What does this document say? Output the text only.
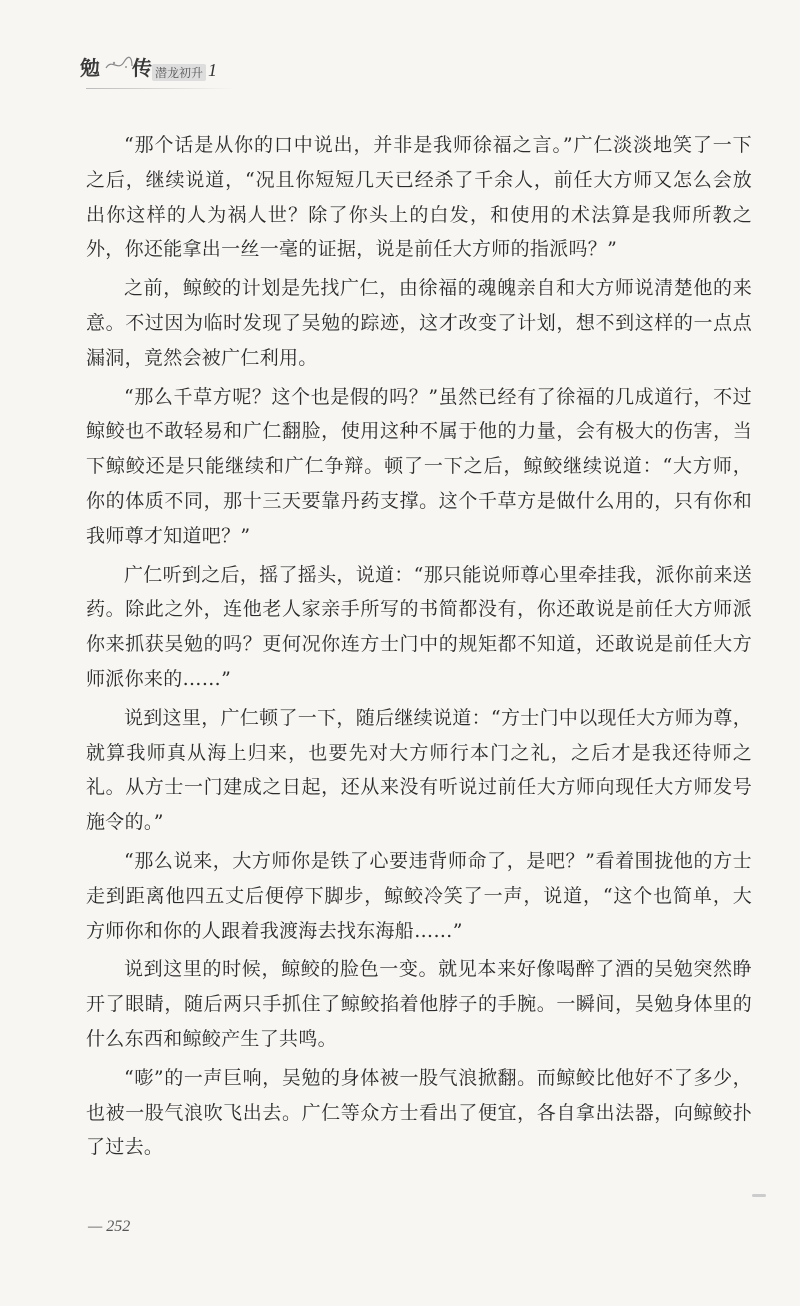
勉 传 潜龙初升 1

“那个话是从你的口中说出，并非是我师徐福之言。”广仁淡淡地笑了一下之后，继续说道，“况且你短短几天已经杀了千余人，前任大方师又怎么会放出你这样的人为祸人世？除了你头上的白发，和使用的术法算是我师所教之外，你还能拿出一丝一毫的证据，说是前任大方师的指派吗？”

之前，鲸鲛的计划是先找广仁，由徐福的魂魄亲自和大方师说清楚他的来意。不过因为临时发现了吴勉的踪迹，这才改变了计划，想不到这样的一点点漏洞，竟然会被广仁利用。

“那么千草方呢？这个也是假的吗？”虽然已经有了徐福的几成道行，不过鲸鲛也不敢轻易和广仁翻脸，使用这种不属于他的力量，会有极大的伤害，当下鲸鲛还是只能继续和广仁争辩。顿了一下之后，鲸鲛继续说道：“大方师，你的体质不同，那十三天要靠丹药支撑。这个千草方是做什么用的，只有你和我师尊才知道吧？”

广仁听到之后，摇了摇头，说道：“那只能说师尊心里牵挂我，派你前来送药。除此之外，连他老人家亲手所写的书简都没有，你还敢说是前任大方师派你来抓获吴勉的吗？更何况你连方士门中的规矩都不知道，还敢说是前任大方师派你来的……”

说到这里，广仁顿了一下，随后继续说道：“方士门中以现任大方师为尊，就算我师真从海上归来，也要先对大方师行本门之礼，之后才是我还待师之礼。从方士一门建成之日起，还从来没有听说过前任大方师向现任大方师发号施令的。”

“那么说来，大方师你是铁了心要违背师命了，是吧？”看着围拢他的方士走到距离他四五丈后便停下脚步，鲸鲛冷笑了一声，说道，“这个也简单，大方师你和你的人跟着我渡海去找东海船……”

说到这里的时候，鲸鲛的脸色一变。就见本来好像喝醉了酒的吴勉突然睁开了眼睛，随后两只手抓住了鲸鲛掐着他脖子的手腕。一瞬间，吴勉身体里的什么东西和鲸鲛产生了共鸣。

“嘭”的一声巨响，吴勉的身体被一股气浪掀翻。而鲸鲛比他好不了多少，也被一股气浪吹飞出去。广仁等众方士看出了便宜，各自拿出法器，向鲸鲛扑了过去。

— 252
